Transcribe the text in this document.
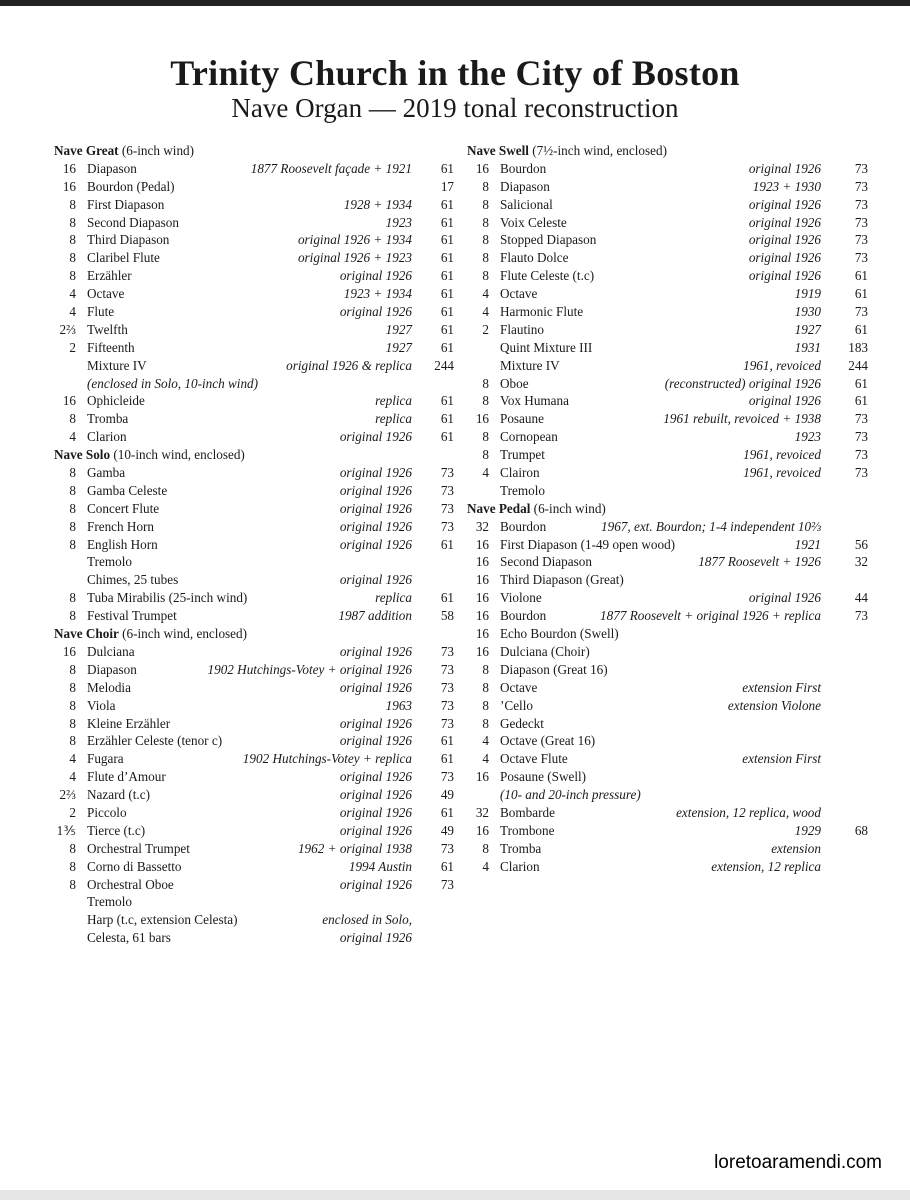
Trinity Church in the City of Boston
Nave Organ — 2019 tonal reconstruction
Nave Great (6-inch wind)
16 Diapason	1877 Roosevelt façade + 1921	61
16 Bourdon (Pedal)	17
8 First Diapason	1928 + 1934	61
8 Second Diapason	1923	61
8 Third Diapason	original 1926 + 1934	61
8 Claribel Flute	original 1926 + 1923	61
8 Erzähler	original 1926	61
4 Octave	1923 + 1934	61
4 Flute	original 1926	61
2⅔ Twelfth	1927	61
2 Fifteenth	1927	61
Mixture IV	original 1926 & replica	244
(enclosed in Solo, 10-inch wind)
16 Ophicleide	replica	61
8 Tromba	replica	61
4 Clarion	original 1926	61
Nave Solo (10-inch wind, enclosed)
8 Gamba	original 1926	73
8 Gamba Celeste	original 1926	73
8 Concert Flute	original 1926	73
8 French Horn	original 1926	73
8 English Horn	original 1926	61
Tremolo
Chimes, 25 tubes	original 1926
8 Tuba Mirabilis (25-inch wind)	replica	61
8 Festival Trumpet	1987 addition	58
Nave Choir (6-inch wind, enclosed)
16 Dulciana	original 1926	73
8 Diapason	1902 Hutchings-Votey + original 1926	73
8 Melodia	original 1926	73
8 Viola	1963	73
8 Kleine Erzähler	original 1926	73
8 Erzähler Celeste (tenor c)	original 1926	61
4 Fugara	1902 Hutchings-Votey + replica	61
4 Flute d’Amour	original 1926	73
2⅔ Nazard (t.c)	original 1926	49
2 Piccolo	original 1926	61
1⅗ Tierce (t.c)	original 1926	49
8 Orchestral Trumpet	1962 + original 1938	73
8 Corno di Bassetto	1994 Austin	61
8 Orchestral Oboe	original 1926	73
Tremolo
Harp (t.c, extension Celesta)	enclosed in Solo,
Celesta, 61 bars	original 1926
Nave Swell (7½-inch wind, enclosed)
16 Bourdon	original 1926	73
8 Diapason	1923 + 1930	73
8 Salicional	original 1926	73
8 Voix Celeste	original 1926	73
8 Stopped Diapason	original 1926	73
8 Flauto Dolce	original 1926	73
8 Flute Celeste (t.c)	original 1926	61
4 Octave	1919	61
4 Harmonic Flute	1930	73
2 Flautino	1927	61
Quint Mixture III	1931	183
Mixture IV	1961, revoiced	244
8 Oboe	(reconstructed) original 1926	61
8 Vox Humana	original 1926	61
16 Posaune	1961 rebuilt, revoiced + 1938	73
8 Cornopean	1923	73
8 Trumpet	1961, revoiced	73
4 Clairon	1961, revoiced	73
Tremolo
Nave Pedal (6-inch wind)
32 Bourdon	1967, ext. Bourdon; 1-4 independent 10⅔
16 First Diapason (1-49 open wood)	1921	56
16 Second Diapason	1877 Roosevelt + 1926	32
16 Third Diapason (Great)
16 Violone	original 1926	44
16 Bourdon	1877 Roosevelt + original 1926 + replica	73
16 Echo Bourdon (Swell)
16 Dulciana (Choir)
8 Diapason (Great 16)
8 Octave	extension First
8 ’Cello	extension Violone
8 Gedeckt
4 Octave (Great 16)
4 Octave Flute	extension First
16 Posaune (Swell)
(10- and 20-inch pressure)
32 Bombarde	extension, 12 replica, wood
16 Trombone	1929	68
8 Tromba	extension
4 Clarion	extension, 12 replica
loretoaramendi.com
